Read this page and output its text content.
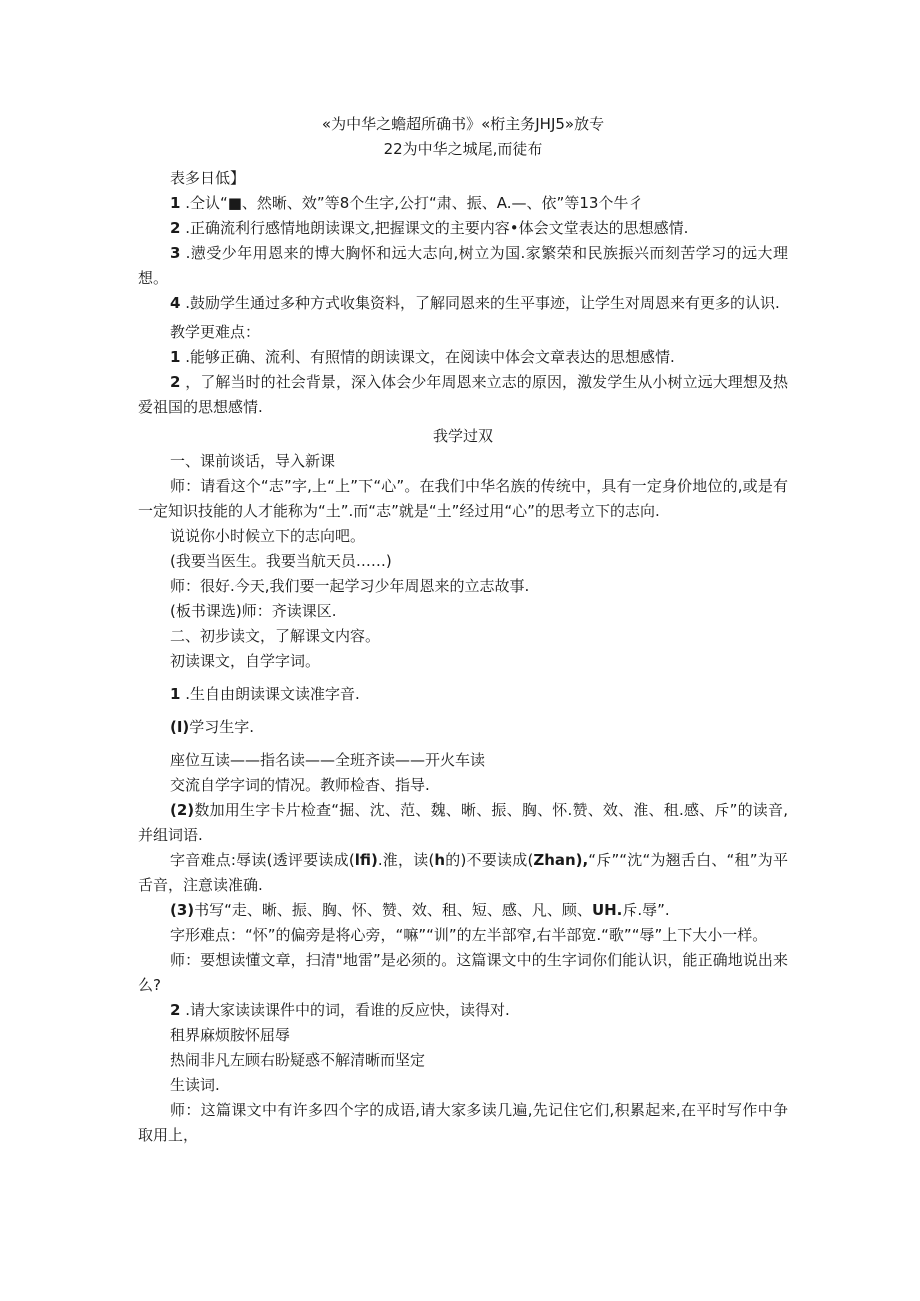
«为中华之蟾超所确书》«桁主务JHJ5»放专

22为中华之城尾,而徒布

表多日低】

1 .仝认“■、然晰、效”等8个生字,公打“肃、振、A.—、依”等13个牛彳

2 .正确流利行感情地朗读课文,把握课文的主要内容•体会文堂表达的思想感情.

3 .懑受少年用恩来的博大胸怀和远大志向,树立为国.家繁荣和民族振兴而刻苦学习的远大理想。

4 .鼓励学生通过多种方式收集资料，了解同恩来的生平事迹，让学生对周恩来有更多的认识.

教学更难点：

1 .能够正确、流利、有照情的朗读课文，在阅读中体会文章表达的思想感情.

2 ，了解当时的社会背景，深入体会少年周恩来立志的原因，激发学生从小树立远大理想及热爱祖国的思想感情.

我学过双

一、课前谈话，导入新课

师：请看这个“志”字,上“上”下“心”。在我们中华名族的传统中，具有一定身价地位的,或是有一定知识技能的人才能称为“土”.而“志”就是“土”经过用“心”的思考立下的志向.

说说你小时候立下的志向吧。

(我要当医生。我要当航天员……)

师：很好.今天,我们要一起学习少年周恩来的立志故事.

(板书课选)师：齐读课区.

二、初步读文，了解课文内容。

初读课文，自学字词。

1 .生自由朗读课文读准字音.

(I)学习生字.

座位互读——指名读——全班齐读——开火车读

交流自学字词的情况。教师检杳、指导.

(2)数加用生字卡片检查“掘、沈、范、魏、晰、振、胸、怀.赞、效、淮、租.感、斥”的读音,并组词语.

字音难点:辱读(透评要读成(lfi).淮，读(h的)不要读成(Zhan),“斥”“沈“为翘舌白、“租”为平舌音，注意读准确.

(3)书写“走、晰、振、胸、怀、赞、效、租、短、感、凡、顾、UH.斥.辱”.

字形难点：“怀”的偏旁是将心旁，“嘛”“训”的左半部窄,右半部宽.“歌”“辱”上下大小一样。

师：要想读懂文章，扫清"地雷”是必须的。这篇课文中的生字词你们能认识，能正确地说出来么?

2 .请大家读读课件中的词，看谁的反应快，读得对.

租界麻烦胺怀屈辱

热闹非凡左顾右盼疑惑不解清晰而坚定

生读词.

师：这篇课文中有许多四个字的成语,请大家多读几遍,先记住它们,积累起来,在平时写作中争取用上，
